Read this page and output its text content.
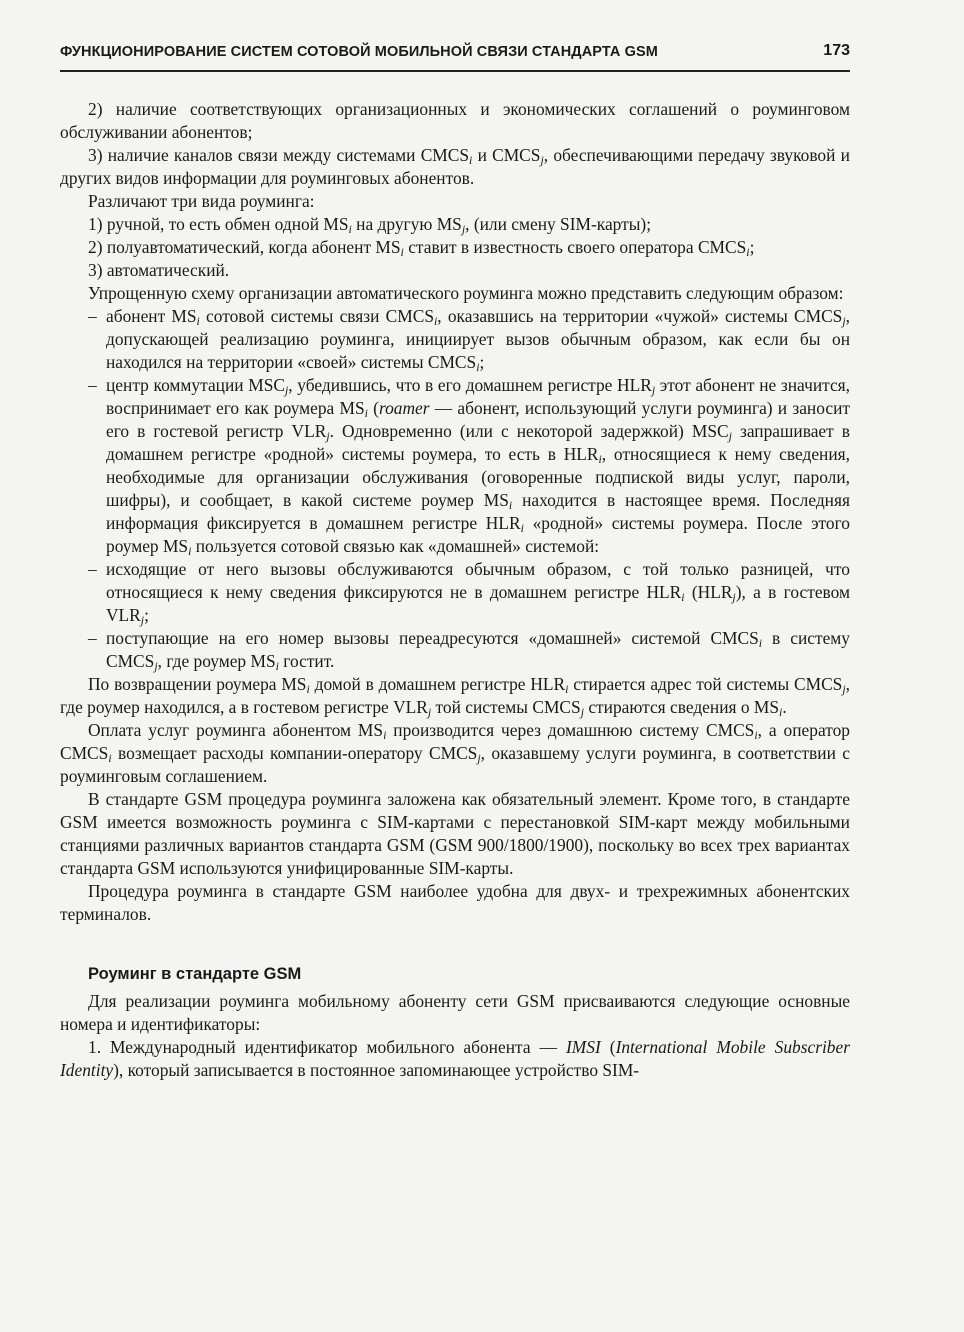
ФУНКЦИОНИРОВАНИЕ СИСТЕМ СОТОВОЙ МОБИЛЬНОЙ СВЯЗИ СТАНДАРТА GSM	173

2) наличие соответствующих организационных и экономических соглашений о роуминговом обслуживании абонентов;

3) наличие каналов связи между системами $CMCS_i$ и $CMCS_j$, обеспечивающими передачу звуковой и других видов информации для роуминговых абонентов.

Различают три вида роуминга:

1) ручной, то есть обмен одной $MS_i$ на другую $MS_j$, (или смену SIM-карты);

2) полуавтоматический, когда абонент $MS_i$ ставит в известность своего оператора $CMCS_i$;

3) автоматический.

Упрощенную схему организации автоматического роуминга можно представить следующим образом:

– абонент $MS_i$ сотовой системы связи $CMCS_i$, оказавшись на территории «чужой» системы $CMCS_j$, допускающей реализацию роуминга, инициирует вызов обычным образом, как если бы он находился на территории «своей» системы $CMCS_i$;

– центр коммутации $MSC_j$, убедившись, что в его домашнем регистре $HLR_j$ этот абонент не значится, воспринимает его как роумера $MS_i$ (roamer — абонент, использующий услуги роуминга) и заносит его в гостевой регистр $VLR_j$. Одновременно (или с некоторой задержкой) $MSC_j$ запрашивает в домашнем регистре «родной» системы роумера, то есть в $HLR_i$, относящиеся к нему сведения, необходимые для организации обслуживания (оговоренные подпиской виды услуг, пароли, шифры), и сообщает, в какой системе роумер $MS_i$ находится в настоящее время. Последняя информация фиксируется в домашнем регистре $HLR_i$ «родной» системы роумера. После этого роумер $MS_i$ пользуется сотовой связью как «домашней» системой:

– исходящие от него вызовы обслуживаются обычным образом, с той только разницей, что относящиеся к нему сведения фиксируются не в домашнем регистре $HLR_i$ $(HLR_j)$, а в гостевом $VLR_j$;

– поступающие на его номер вызовы переадресуются «домашней» системой $CMCS_i$ в систему $CMCS_j$, где роумер $MS_i$ гостит.

По возвращении роумера $MS_i$ домой в домашнем регистре $HLR_i$ стирается адрес той системы $CMCS_j$, где роумер находился, а в гостевом регистре $VLR_j$ той системы $CMCS_j$ стираются сведения о $MS_i$.

Оплата услуг роуминга абонентом $MS_i$ производится через домашнюю систему $CMCS_i$, а оператор $CMCS_i$ возмещает расходы компании-оператору $CMCS_j$, оказавшему услуги роуминга, в соответствии с роуминговым соглашением.

В стандарте GSM процедура роуминга заложена как обязательный элемент. Кроме того, в стандарте GSM имеется возможность роуминга с SIM-картами с перестановкой SIM-карт между мобильными станциями различных вариантов стандарта GSM (GSM 900/1800/1900), поскольку во всех трех вариантах стандарта GSM используются унифицированные SIM-карты.

Процедура роуминга в стандарте GSM наиболее удобна для двух- и трехрежимных абонентских терминалов.

Роуминг в стандарте GSM

Для реализации роуминга мобильному абоненту сети GSM присваиваются следующие основные номера и идентификаторы:

1. Международный идентификатор мобильного абонента — IMSI (International Mobile Subscriber Identity), который записывается в постоянное запоминающее устройство SIM-
